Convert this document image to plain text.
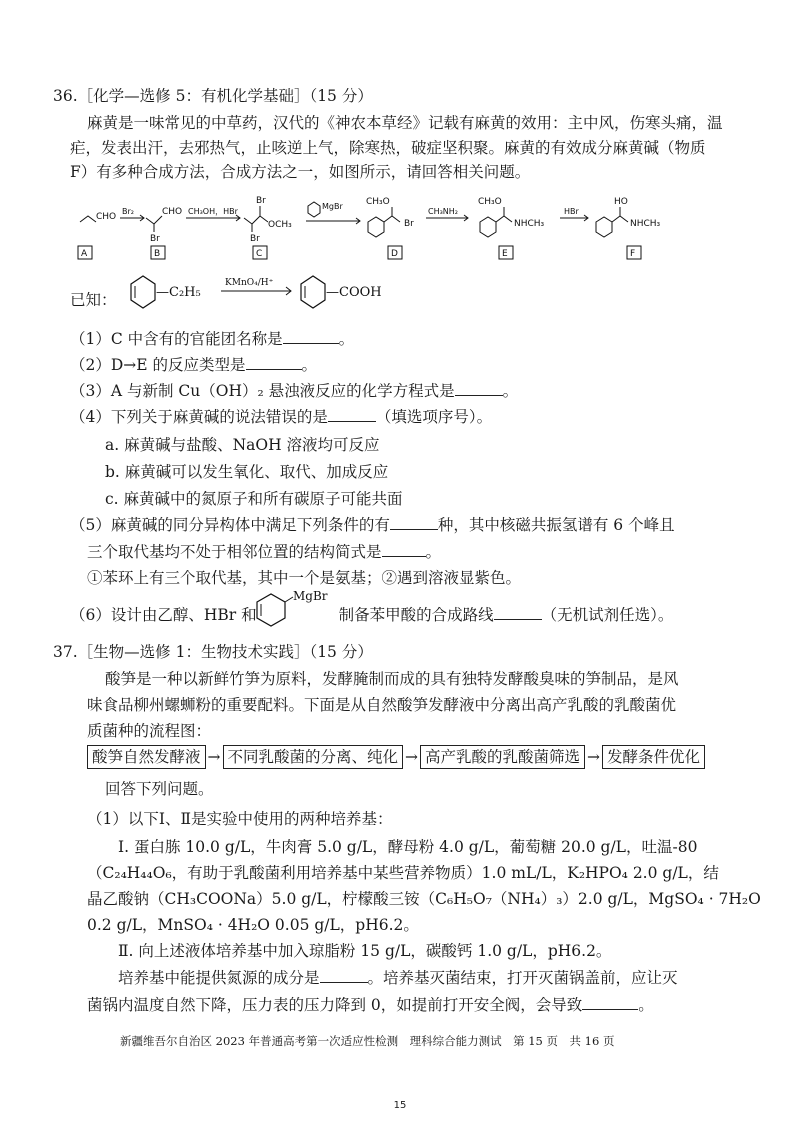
36.［化学—选修 5：有机化学基础］（15 分）
麻黄是一味常见的中草药，汉代的《神农本草经》记载有麻黄的效用：主中风，伤寒头痛，温
疟，发表出汗，去邪热气，止咳逆上气，除寒热，破症坚积聚。麻黄的有效成分麻黄碱（物质
F）有多种合成方法，合成方法之一，如图所示，请回答相关问题。
CHO
A
Br₂	CHO
Br
B
CH₃OH，HBr
Br
Br
OCH₃
C
MgBr	CH₃O
Br
D
CH₃NH₂
CH₃O
NHCH₃
E
HBr
HO
NHCH₃
F
已知：	—C₂H₅
KMnO₄/H⁺
—COOH
（1）C 中含有的官能团名称是	。
（2）D→E 的反应类型是	。
（3）A 与新制 Cu（OH）₂ 悬浊液反应的化学方程式是	。
（4）下列关于麻黄碱的说法错误的是	（填选项序号）。
a. 麻黄碱与盐酸、NaOH 溶液均可反应
b. 麻黄碱可以发生氧化、取代、加成反应
c. 麻黄碱中的氮原子和所有碳原子可能共面
（5）麻黄碱的同分异构体中满足下列条件的有	种，其中核磁共振氢谱有 6 个峰且
三个取代基均不处于相邻位置的结构简式是	。
①苯环上有三个取代基，其中一个是氨基；②遇到溶液显紫色。
（6）设计由乙醇、HBr 和	制备苯甲酸的合成路线	（无机试剂任选）。
MgBr
37.［生物—选修 1：生物技术实践］（15 分）
酸笋是一种以新鲜竹笋为原料，发酵腌制而成的具有独特发酵酸臭味的笋制品，是风
味食品柳州螺蛳粉的重要配料。下面是从自然酸笋发酵液中分离出高产乳酸的乳酸菌优
质菌种的流程图：
酸笋自然发酵液 → 不同乳酸菌的分离、纯化 → 高产乳酸的乳酸菌筛选 → 发酵条件优化
回答下列问题。
（1）以下Ⅰ、Ⅱ是实验中使用的两种培养基：
Ⅰ. 蛋白胨 10.0 g/L，牛肉膏 5.0 g/L，酵母粉 4.0 g/L，葡萄糖 20.0 g/L，吐温-80
（C₂₄H₄₄O₆，有助于乳酸菌利用培养基中某些营养物质）1.0 mL/L，K₂HPO₄ 2.0 g/L，结
晶乙酸钠（CH₃COONa）5.0 g/L，柠檬酸三铵（C₆H₅O₇（NH₄）₃）2.0 g/L，MgSO₄ · 7H₂O
0.2 g/L，MnSO₄ · 4H₂O 0.05 g/L，pH6.2。
Ⅱ. 向上述液体培养基中加入琼脂粉 15 g/L，碳酸钙 1.0 g/L，pH6.2。
培养基中能提供氮源的成分是	。培养基灭菌结束，打开灭菌锅盖前，应让灭
菌锅内温度自然下降，压力表的压力降到 0，如提前打开安全阀，会导致	。
新疆维吾尔自治区 2023 年普通高考第一次适应性检测　理科综合能力测试　第 15 页　共 16 页
15
